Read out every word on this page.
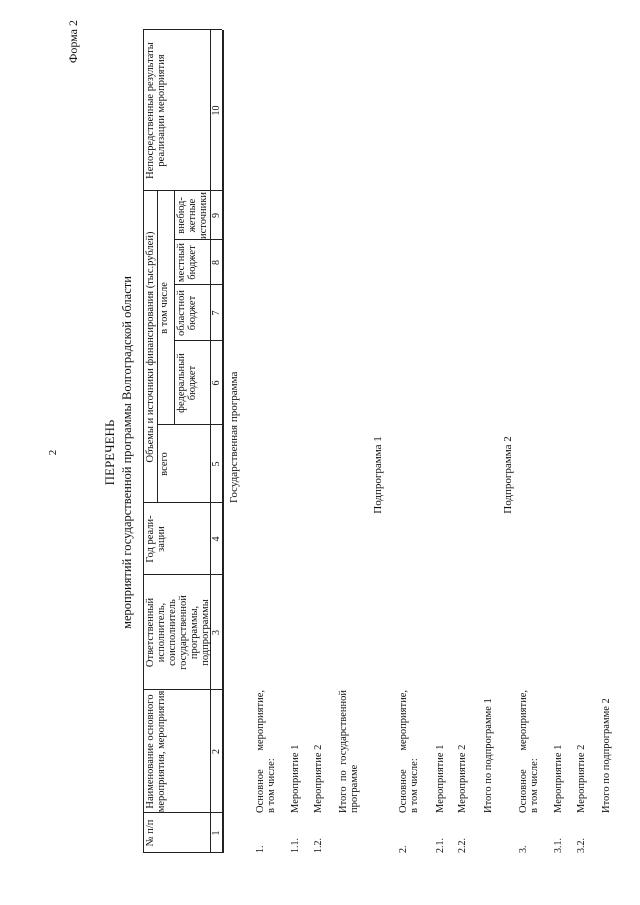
2
Форма 2
ПЕРЕЧЕНЬ мероприятий государственной программы Волгоградской области
№ п/п
Наименование основного мероприятия, мероприятия
Ответственный исполнитель, соисполнитель государственной программы, подпрограммы
Год реали-зации
Объемы и источники финансирования (тыс.рублей)
всего
в том числе
федеральный бюджет
областной бюджет
местный бюджет
внебюд-жетные источники
Непосредственные результаты реализации мероприятия
1
2
3
4
5
6
7
8
9
10
Государственная программа
1.
Основное
мероприятие,
в том числе:
1.1.
Мероприятие 1
1.2.
Мероприятие 2 Итого
по
государственной
программе
Подпрограмма 1
2.
Основное
мероприятие,
в том числе:
2.1.
Мероприятие 1
2.2.
Мероприятие 2 Итого по подпрограмме 1
Подпрограмма 2
3.
Основное
мероприятие,
в том числе:
3.1.
Мероприятие 1
3.2.
Мероприятие 2 Итого по подпрограмме 2
